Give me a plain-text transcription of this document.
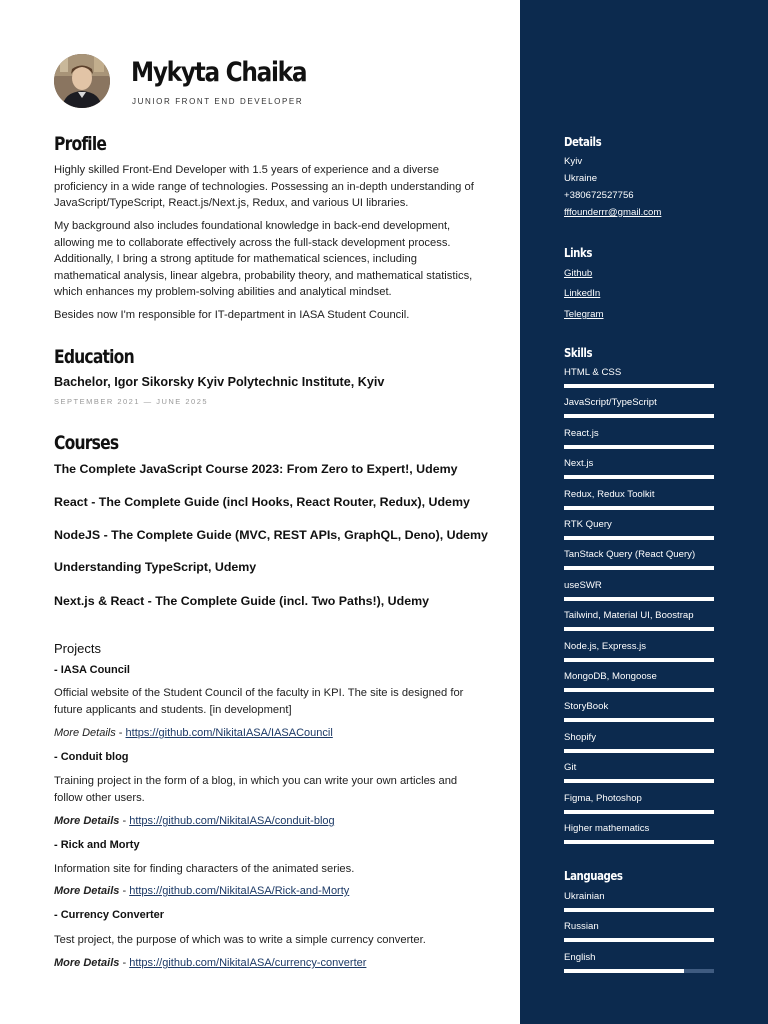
Mykyta Chaika
JUNIOR FRONT END DEVELOPER
Profile
Highly skilled Front-End Developer with 1.5 years of experience and a diverse proficiency in a wide range of technologies. Possessing an in-depth understanding of JavaScript/TypeScript, React.js/Next.js, Redux, and various UI libraries.
My background also includes foundational knowledge in back-end development, allowing me to collaborate effectively across the full-stack development process. Additionally, I bring a strong aptitude for mathematical sciences, including mathematical analysis, linear algebra, probability theory, and mathematical statistics, which enhances my problem-solving abilities and analytical mindset.
Besides now I'm responsible for IT-department in IASA Student Council.
Education
Bachelor, Igor Sikorsky Kyiv Polytechnic Institute, Kyiv
SEPTEMBER 2021 — JUNE 2025
Courses
The Complete JavaScript Course 2023: From Zero to Expert!, Udemy
React - The Complete Guide (incl Hooks, React Router, Redux), Udemy
NodeJS - The Complete Guide (MVC, REST APIs, GraphQL, Deno), Udemy
Understanding TypeScript, Udemy
Next.js & React - The Complete Guide (incl. Two Paths!), Udemy
Projects
- IASA Council
Official website of the Student Council of the faculty in KPI. The site is designed for future applicants and students. [in development]
More Details - https://github.com/NikitaIASA/IASACouncil
- Conduit blog
Training project in the form of a blog, in which you can write your own articles and follow other users.
More Details - https://github.com/NikitaIASA/conduit-blog
- Rick and Morty
Information site for finding characters of the animated series.
More Details - https://github.com/NikitaIASA/Rick-and-Morty
- Currency Converter
Test project, the purpose of which was to write a simple currency converter.
More Details - https://github.com/NikitaIASA/currency-converter
Details
Kyiv
Ukraine
+380672527756
fffounderrr@gmail.com
Links
Github
LinkedIn
Telegram
Skills
HTML & CSS
JavaScript/TypeScript
React.js
Next.js
Redux, Redux Toolkit
RTK Query
TanStack Query (React Query)
useSWR
Tailwind, Material UI, Boostrap
Node.js, Express.js
MongoDB, Mongoose
StoryBook
Shopify
Git
Figma, Photoshop
Higher mathematics
Languages
Ukrainian
Russian
English
